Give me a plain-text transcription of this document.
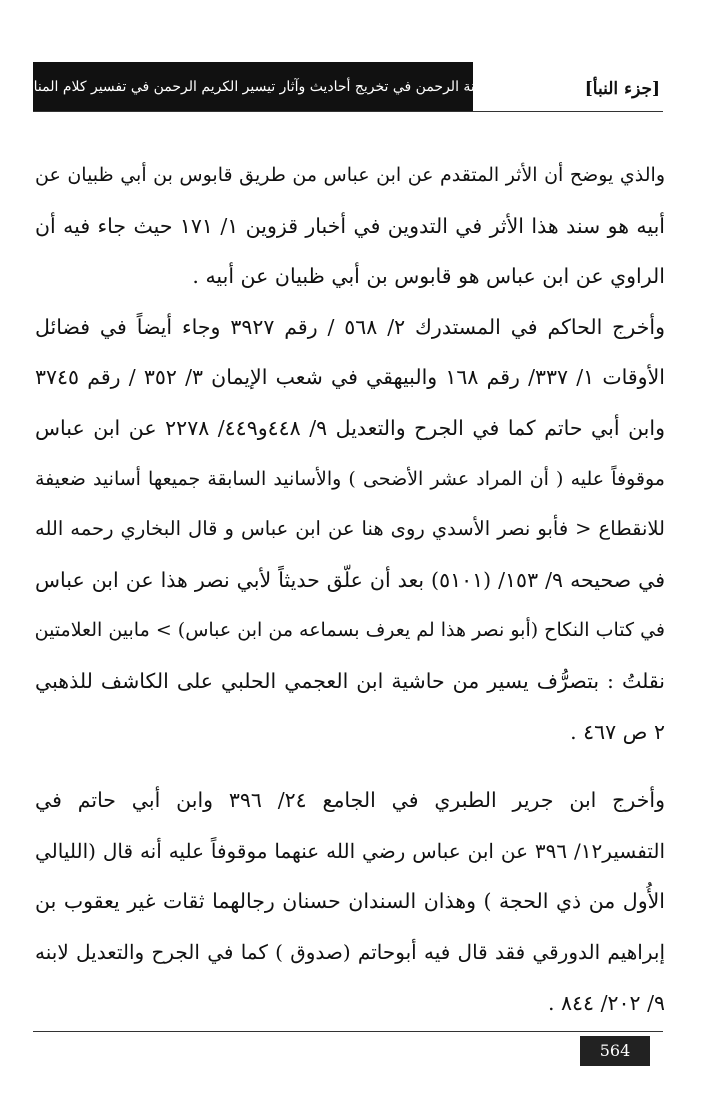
منة الرحمن في تخريج أحاديث وآثار تيسير الكريم الرحمن في تفسير كلام المنان	[جزء النبأ]
والذي يوضح أن الأثر المتقدم عن ابن عباس من طريق قابوس بن أبي ظبيان عن
أبيه هو سند هذا الأثر في التدوين في أخبار قزوين ١/ ١٧١ حيث جاء فيه أن
الراوي عن ابن عباس هو قابوس بن أبي ظبيان عن أبيه .
وأخرج الحاكم في المستدرك ٢/ ٥٦٨ / رقم ٣٩٢٧ وجاء أيضاً في فضائل
الأوقات ١/ ٣٣٧/ رقم ١٦٨ والبيهقي في شعب الإيمان ٣/ ٣٥٢ / رقم ٣٧٤٥
وابن أبي حاتم كما في الجرح والتعديل ٩/ ٤٤٨و٤٤٩/ ٢٢٧٨ عن ابن عباس
موقوفاً عليه ( أن المراد عشر الأضحى ) والأسانيد السابقة جميعها أسانيد ضعيفة
للانقطاع < فأبو نصر الأسدي روى هنا عن ابن عباس و قال البخاري رحمه الله
في صحيحه ٩/ ١٥٣/ (٥١٠١) بعد أن علّق حديثاً لأبي نصر هذا عن ابن عباس
في كتاب النكاح (أبو نصر هذا لم يعرف بسماعه من ابن عباس) > مابين العلامتين
نقلتُ : بتصرُّف يسير من حاشية ابن العجمي الحلبي على الكاشف للذهبي
٢ ص ٤٦٧ .
وأخرج ابن جرير الطبري في الجامع ٢٤/ ٣٩٦ وابن أبي حاتم في
التفسير١٢/ ٣٩٦ عن ابن عباس رضي الله عنهما موقوفاً عليه أنه قال (الليالي
الأُول من ذي الحجة ) وهذان السندان حسنان رجالهما ثقات غير يعقوب بن
إبراهيم الدورقي فقد قال فيه أبوحاتم (صدوق ) كما في الجرح والتعديل لابنه
٩/ ٢٠٢/ ٨٤٤ .
564
